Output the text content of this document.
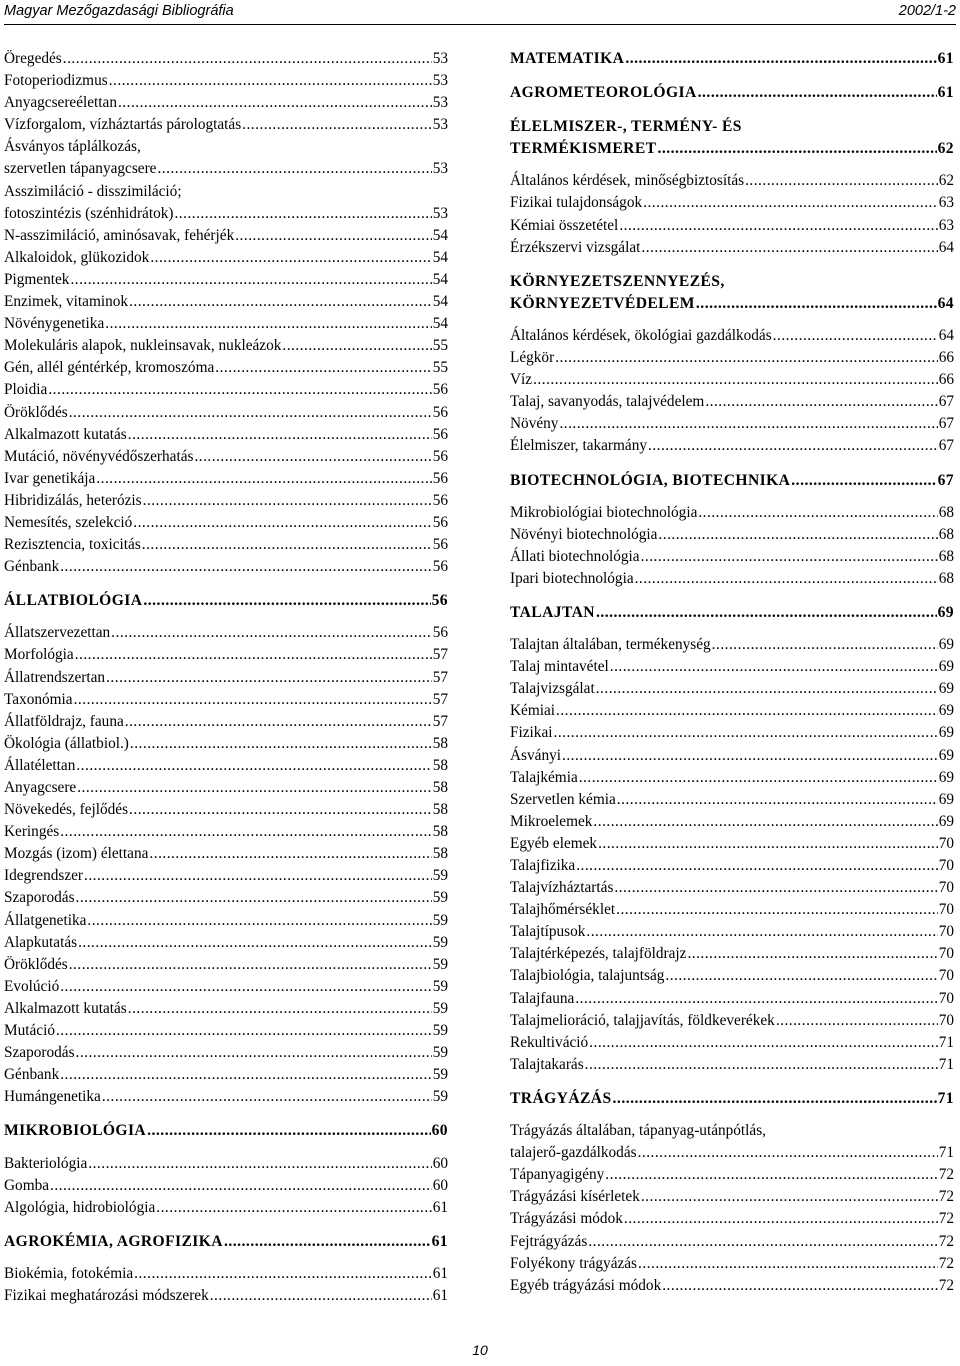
Magyar Mezőgazdasági Bibliográfia	2002/1-2
Öregedés .....	53
Fotoperiodizmus .....	53
Anyagcsereélettan .....	53
Vízforgalom, vízháztartás párologtatás .....	53
Ásványos táplálkozás,
szervetlen tápanyagcsere .....	53
Asszimiláció - disszimiláció;
fotoszintézis (szénhidrátok) .....	53
N-asszimiláció, aminósavak, fehérjék .....	54
Alkaloidok, glükozidok .....	54
Pigmentek .....	54
Enzimek, vitaminok .....	54
Növénygenetika .....	54
Molekuláris alapok, nukleinsavak, nukleázok .....	55
Gén, allél géntérkép, kromoszóma .....	55
Ploidia .....	56
Öröklődés .....	56
Alkalmazott kutatás .....	56
Mutáció, növényvédőszerhatás .....	56
Ivar genetikája .....	56
Hibridizálás, heterózis .....	56
Nemesítés, szelekció .....	56
Rezisztencia, toxicitás .....	56
Génbank .....	56
ÁLLATBIOLÓGIA .....	56
Állatszervezettan .....	56
Morfológia .....	57
Állatrendszertan .....	57
Taxonómia .....	57
Állatföldrajz, fauna .....	57
Ökológia (állatbiol.) .....	58
Állatélettan .....	58
Anyagcsere .....	58
Növekedés, fejlődés .....	58
Keringés .....	58
Mozgás (izom) élettana .....	58
Idegrendszer .....	59
Szaporodás .....	59
Állatgenetika .....	59
Alapkutatás .....	59
Öröklődés .....	59
Evolúció .....	59
Alkalmazott kutatás .....	59
Mutáció .....	59
Szaporodás .....	59
Génbank .....	59
Humángenetika .....	59
MIKROBIOLÓGIA .....	60
Bakteriológia .....	60
Gomba .....	60
Algológia, hidrobiológia .....	61
AGROKÉMIA, AGROFIZIKA .....	61
Biokémia, fotokémia .....	61
Fizikai meghatározási módszerek .....	61
MATEMATIKA .....	61
AGROMETEOROLÓGIA .....	61
ÉLELMISZER-, TERMÉNY- ÉS
TERMÉKISMERET .....	62
Általános kérdések, minőségbiztosítás .....	62
Fizikai tulajdonságok .....	63
Kémiai összetétel .....	63
Érzékszervi vizsgálat .....	64
KÖRNYEZETSZENNYEZÉS,
KÖRNYEZETVÉDELEM .....	64
Általános kérdések, ökológiai gazdálkodás .....	64
Légkör .....	66
Víz .....	66
Talaj, savanyodás, talajvédelem .....	67
Növény .....	67
Élelmiszer, takarmány .....	67
BIOTECHNOLÓGIA, BIOTECHNIKA .....	67
Mikrobiológiai biotechnológia .....	68
Növényi biotechnológia .....	68
Állati biotechnológia .....	68
Ipari biotechnológia .....	68
TALAJTAN .....	69
Talajtan általában, termékenység .....	69
Talaj mintavétel .....	69
Talajvizsgálat .....	69
Kémiai .....	69
Fizikai .....	69
Ásványi .....	69
Talajkémia .....	69
Szervetlen kémia .....	69
Mikroelemek .....	69
Egyéb elemek .....	70
Talajfizika .....	70
Talajvízháztartás .....	70
Talajhőmérséklet .....	70
Talajtípusok .....	70
Talajtérképezés, talajföldrajz .....	70
Talajbiológia, talajuntság .....	70
Talajfauna .....	70
Talajmelioráció, talajjavítás, földkeverékek .....	70
Rekultiváció .....	71
Talajtakarás .....	71
TRÁGYÁZÁS .....	71
Trágyázás általában, tápanyag-utánpótlás,
talajerő-gazdálkodás .....	71
Tápanyagigény .....	72
Trágyázási kísérletek .....	72
Trágyázási módok .....	72
Fejtrágyázás .....	72
Folyékony trágyázás .....	72
Egyéb trágyázási módok .....	72
10
